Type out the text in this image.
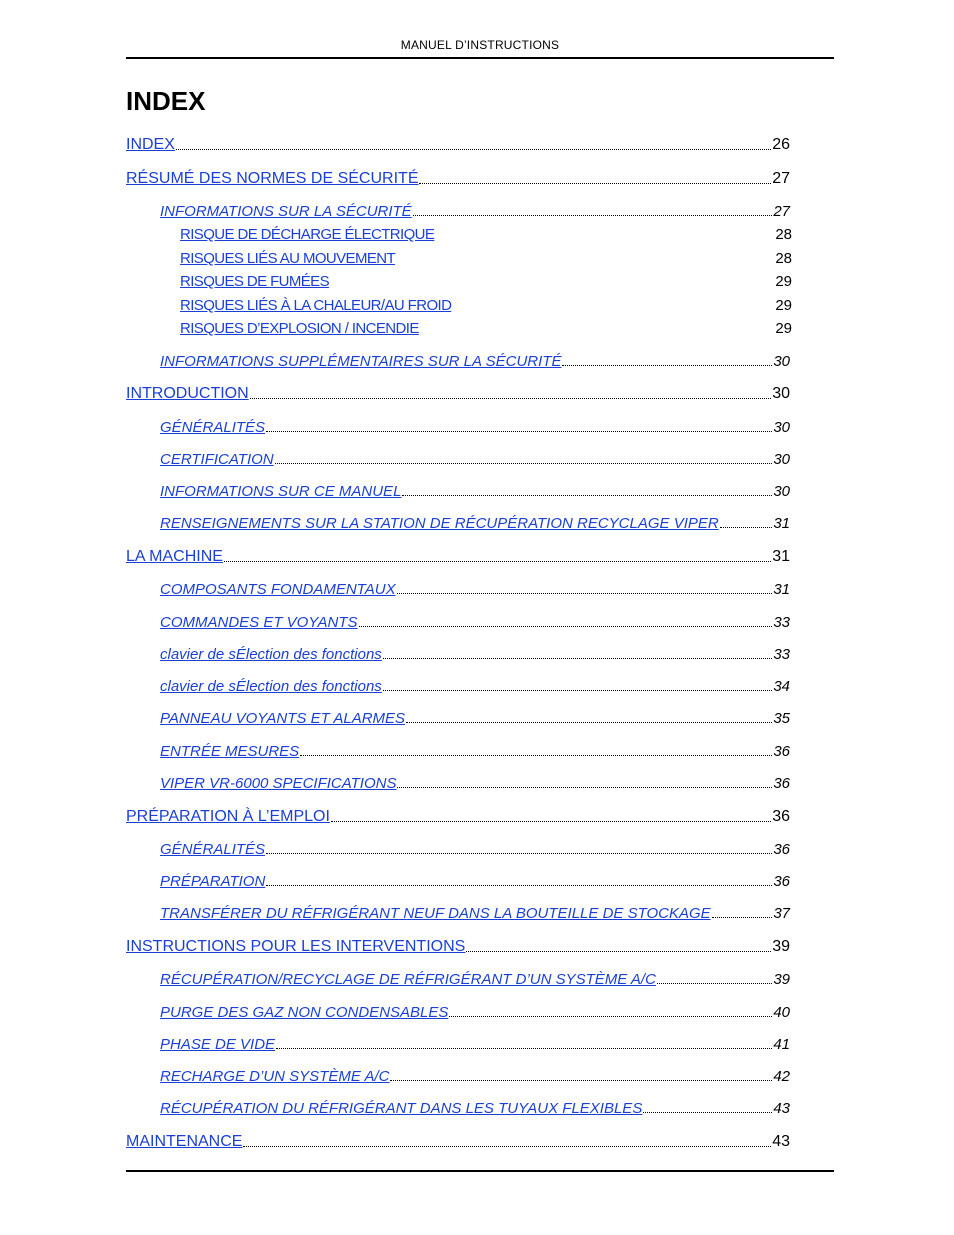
MANUEL D’INSTRUCTIONS
INDEX
INDEX	26
RÉSUMÉ DES NORMES DE SÉCURITÉ	27
INFORMATIONS SUR LA SÉCURITÉ	27
RISQUE DE DÉCHARGE ÉLECTRIQUE	28
RISQUES LIÉS AU MOUVEMENT	28
RISQUES DE FUMÉES	29
RISQUES LIÉS À LA CHALEUR/AU FROID	29
RISQUES D’EXPLOSION / INCENDIE	29
INFORMATIONS SUPPLÉMENTAIRES SUR LA SÉCURITÉ	30
INTRODUCTION	30
GÉNÉRALITÉS	30
CERTIFICATION	30
INFORMATIONS SUR CE MANUEL	30
RENSEIGNEMENTS SUR LA STATION DE RÉCUPÉRATION RECYCLAGE VIPER	31
LA MACHINE	31
COMPOSANTS FONDAMENTAUX	31
COMMANDES ET VOYANTS	33
clavier de sÉlection des fonctions	33
clavier de sÉlection des fonctions	34
PANNEAU VOYANTS ET ALARMES	35
ENTRÉE MESURES	36
VIPER VR-6000 SPECIFICATIONS	36
PRÉPARATION À L’EMPLOI	36
GÉNÉRALITÉS	36
PRÉPARATION	36
TRANSFÉRER DU RÉFRIGÉRANT NEUF DANS LA BOUTEILLE DE STOCKAGE	37
INSTRUCTIONS POUR LES INTERVENTIONS	39
RÉCUPÉRATION/RECYCLAGE DE RÉFRIGÉRANT D’UN SYSTÈME A/C	39
PURGE DES GAZ NON CONDENSABLES	40
PHASE DE VIDE	41
RECHARGE D’UN SYSTÈME A/C	42
RÉCUPÉRATION DU RÉFRIGÉRANT DANS LES TUYAUX FLEXIBLES	43
MAINTENANCE	43
